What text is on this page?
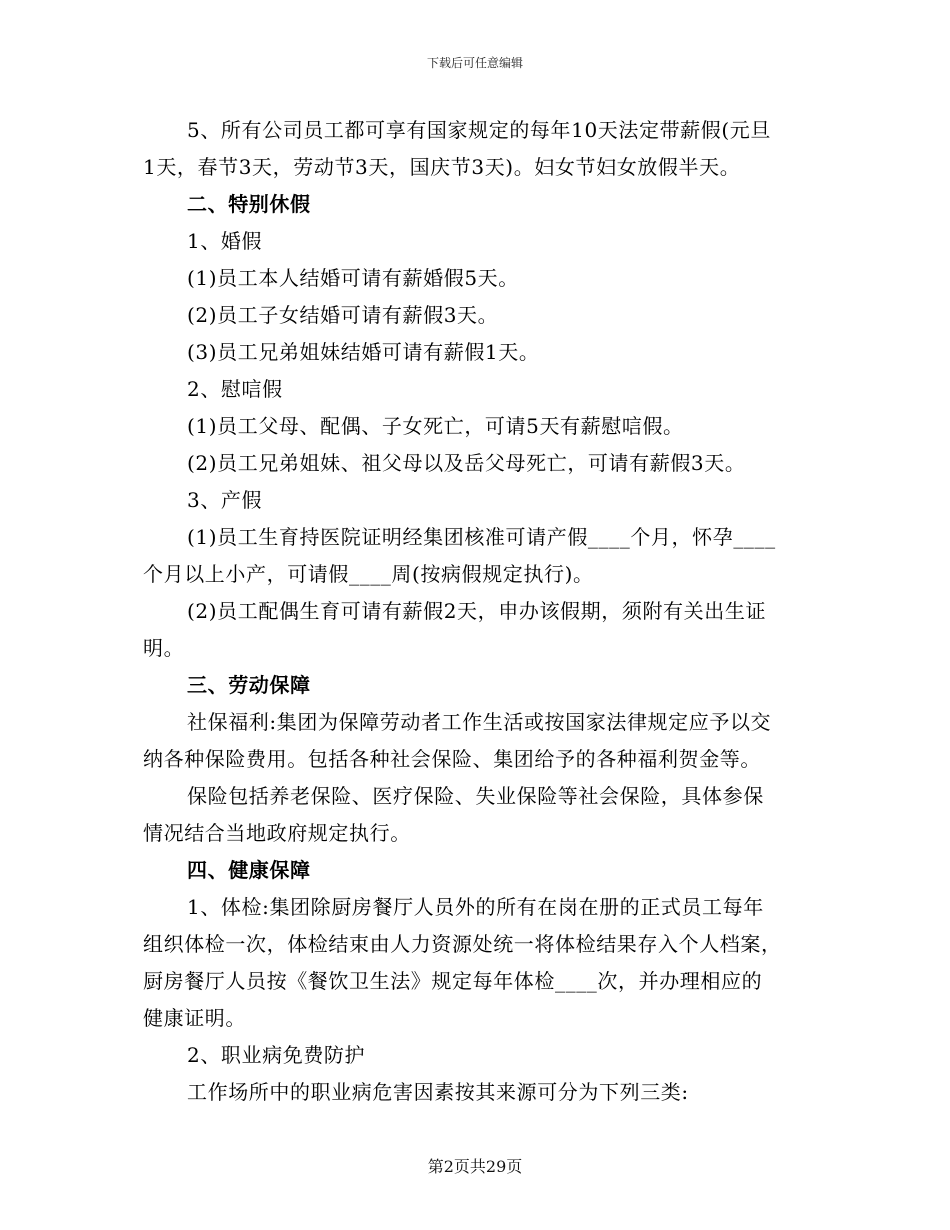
下载后可任意编辑
5、所有公司员工都可享有国家规定的每年10天法定带薪假(元旦
1天，春节3天，劳动节3天，国庆节3天)。妇女节妇女放假半天。
二、特别休假
1、婚假
(1)员工本人结婚可请有薪婚假5天。
(2)员工子女结婚可请有薪假3天。
(3)员工兄弟姐妹结婚可请有薪假1天。
2、慰唁假
(1)员工父母、配偶、子女死亡，可请5天有薪慰唁假。
(2)员工兄弟姐妹、祖父母以及岳父母死亡，可请有薪假3天。
3、产假
(1)员工生育持医院证明经集团核准可请产假____个月，怀孕____
个月以上小产，可请假____周(按病假规定执行)。
(2)员工配偶生育可请有薪假2天，申办该假期，须附有关出生证
明。
三、劳动保障
社保福利:集团为保障劳动者工作生活或按国家法律规定应予以交
纳各种保险费用。包括各种社会保险、集团给予的各种福利贺金等。
保险包括养老保险、医疗保险、失业保险等社会保险，具体参保
情况结合当地政府规定执行。
四、健康保障
1、体检:集团除厨房餐厅人员外的所有在岗在册的正式员工每年
组织体检一次，体检结束由人力资源处统一将体检结果存入个人档案，
厨房餐厅人员按《餐饮卫生法》规定每年体检____次，并办理相应的
健康证明。
2、职业病免费防护
工作场所中的职业病危害因素按其来源可分为下列三类:
第2页共29页
